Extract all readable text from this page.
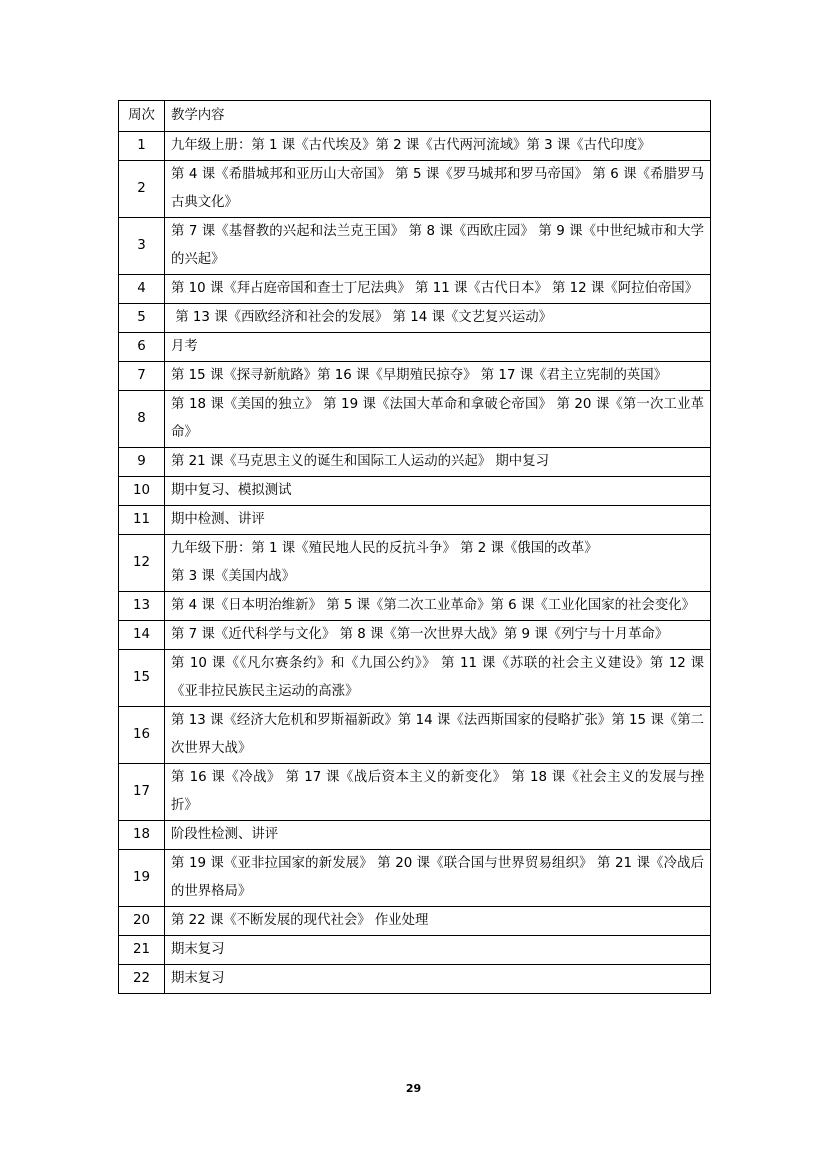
周次	教学内容
1	九年级上册：第 1 课《古代埃及》第 2 课《古代两河流域》第 3 课《古代印度》
2	第 4 课《希腊城邦和亚历山大帝国》 第 5 课《罗马城邦和罗马帝国》 第 6 课《希腊罗马古典文化》
3	第 7 课《基督教的兴起和法兰克王国》 第 8 课《西欧庄园》 第 9 课《中世纪城市和大学的兴起》
4	第 10 课《拜占庭帝国和查士丁尼法典》 第 11 课《古代日本》 第 12 课《阿拉伯帝国》
5	第 13 课《西欧经济和社会的发展》 第 14 课《文艺复兴运动》
6	月考
7	第 15 课《探寻新航路》第 16 课《早期殖民掠夺》 第 17 课《君主立宪制的英国》
8	第 18 课《美国的独立》 第 19 课《法国大革命和拿破仑帝国》 第 20 课《第一次工业革命》
9	第 21 课《马克思主义的诞生和国际工人运动的兴起》 期中复习
10	期中复习、模拟测试
11	期中检测、讲评
12	九年级下册：第 1 课《殖民地人民的反抗斗争》 第 2 课《俄国的改革》
第 3 课《美国内战》
13	第 4 课《日本明治维新》 第 5 课《第二次工业革命》第 6 课《工业化国家的社会变化》
14	第 7 课《近代科学与文化》 第 8 课《第一次世界大战》第 9 课《列宁与十月革命》
15	第 10 课《《凡尔赛条约》和《九国公约》》 第 11 课《苏联的社会主义建设》第 12 课《亚非拉民族民主运动的高涨》
16	第 13 课《经济大危机和罗斯福新政》第 14 课《法西斯国家的侵略扩张》第 15 课《第二次世界大战》
17	第 16 课《冷战》 第 17 课《战后资本主义的新变化》 第 18 课《社会主义的发展与挫折》
18	阶段性检测、讲评
19	第 19 课《亚非拉国家的新发展》 第 20 课《联合国与世界贸易组织》 第 21 课《冷战后的世界格局》
20	第 22 课《不断发展的现代社会》 作业处理
21	期末复习
22	期末复习
29
